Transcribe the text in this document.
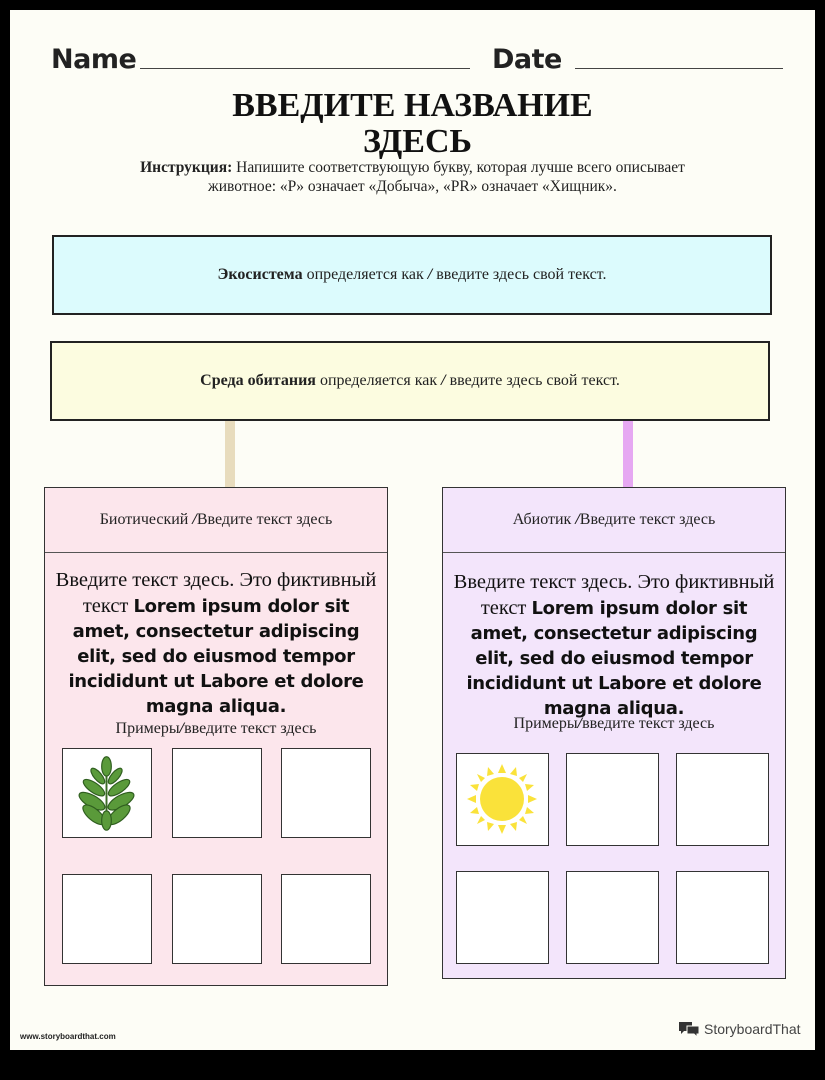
Name	Date
ВВЕДИТЕ НАЗВАНИЕ
ЗДЕСЬ
Инструкция: Напишите соответствующую букву, которая лучше всего описывает
животное: «P» означает «Добыча», «PR» означает «Хищник».
Экосистема определяется как / введите здесь свой текст.
Среда обитания определяется как / введите здесь свой текст.
Биотический /Введите текст здесь

Введите текст здесь. Это фиктивный текст Lorem ipsum dolor sit amet, consectetur adipiscing elit, sed do eiusmod tempor incididunt ut Labore et dolore magna aliqua.

Примеры/введите текст здесь
Абиотик /Введите текст здесь

Введите текст здесь. Это фиктивный текст Lorem ipsum dolor sit amet, consectetur adipiscing elit, sed do eiusmod tempor incididunt ut Labore et dolore magna aliqua.

Примеры/введите текст здесь
www.storyboardthat.com	StoryboardThat
